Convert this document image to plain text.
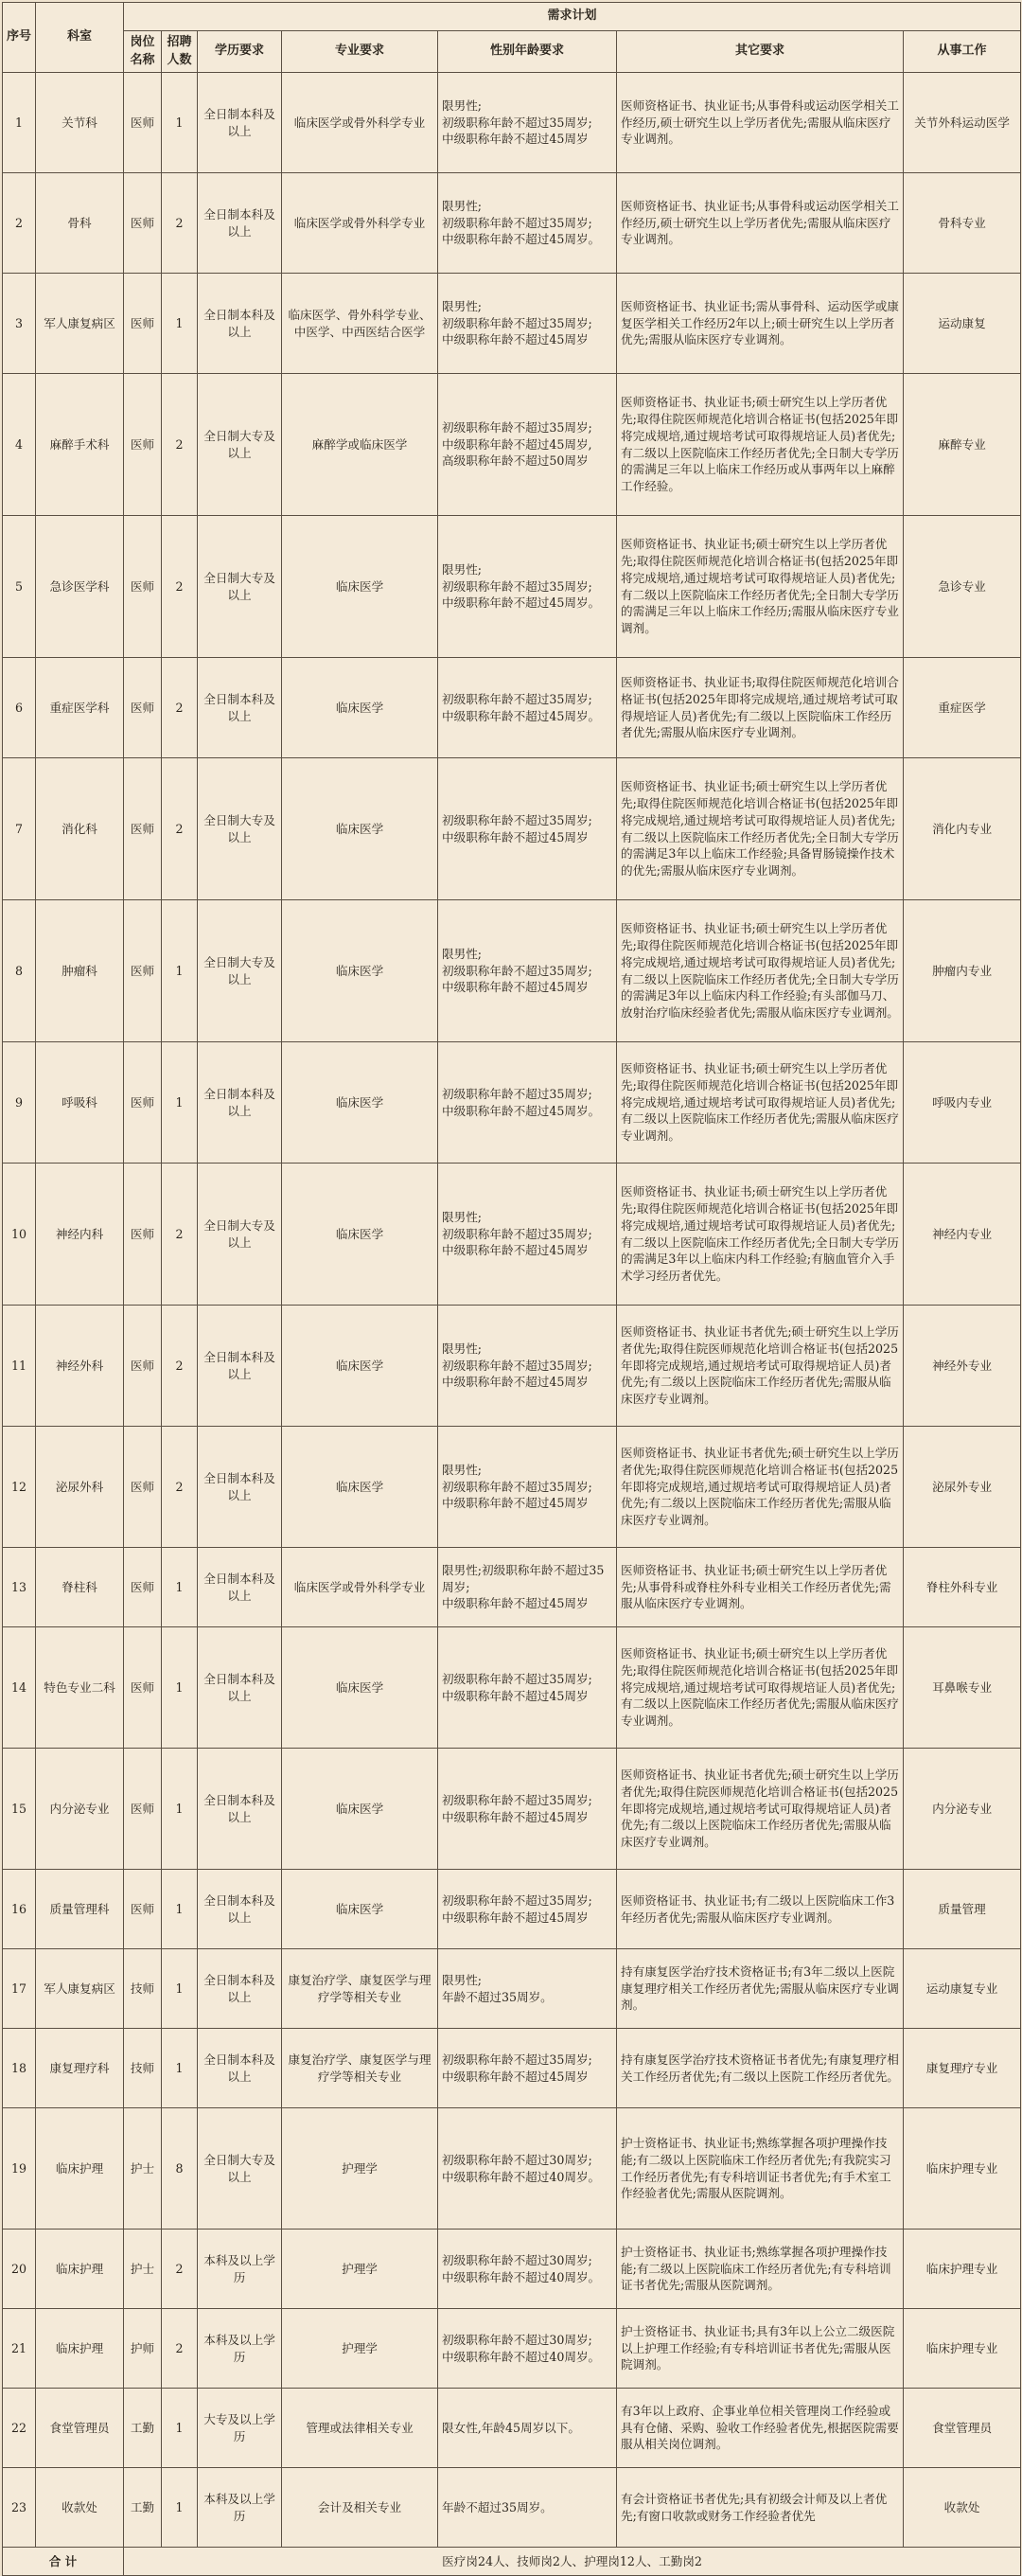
序号	科室	需求计划						
		岗位名称	招聘人数	学历要求	专业要求	性别年龄要求	其它要求	从事工作
1	关节科	医师	1	全日制本科及以上	临床医学或骨外科学专业	限男性;
初级职称年龄不超过35周岁;
中级职称年龄不超过45周岁	医师资格证书、执业证书;从事骨科或运动医学相关工作经历,硕士研究生以上学历者优先;需服从临床医疗专业调剂。	关节外科运动医学
2	骨科	医师	2	全日制本科及以上	临床医学或骨外科学专业	限男性;
初级职称年龄不超过35周岁;
中级职称年龄不超过45周岁。	医师资格证书、执业证书;从事骨科或运动医学相关工作经历,硕士研究生以上学历者优先;需服从临床医疗专业调剂。	骨科专业
3	军人康复病区	医师	1	全日制本科及以上	临床医学、骨外科学专业、中医学、中西医结合医学	限男性;
初级职称年龄不超过35周岁;
中级职称年龄不超过45周岁	医师资格证书、执业证书;需从事骨科、运动医学或康复医学相关工作经历2年以上;硕士研究生以上学历者优先;需服从临床医疗专业调剂。	运动康复
4	麻醉手术科	医师	2	全日制大专及以上	麻醉学或临床医学	初级职称年龄不超过35周岁;
中级职称年龄不超过45周岁,
高级职称年龄不超过50周岁	医师资格证书、执业证书;硕士研究生以上学历者优先;取得住院医师规范化培训合格证书(包括2025年即将完成规培,通过规培考试可取得规培证人员)者优先;有二级以上医院临床工作经历者优先;全日制大专学历的需满足三年以上临床工作经历或从事两年以上麻醉工作经验。	麻醉专业
5	急诊医学科	医师	2	全日制大专及以上	临床医学	限男性;
初级职称年龄不超过35周岁;
中级职称年龄不超过45周岁。	医师资格证书、执业证书;硕士研究生以上学历者优先;取得住院医师规范化培训合格证书(包括2025年即将完成规培,通过规培考试可取得规培证人员)者优先;有二级以上医院临床工作经历者优先;全日制大专学历的需满足三年以上临床工作经历;需服从临床医疗专业调剂。	急诊专业
6	重症医学科	医师	2	全日制本科及以上	临床医学	初级职称年龄不超过35周岁;
中级职称年龄不超过45周岁。	医师资格证书、执业证书;取得住院医师规范化培训合格证书(包括2025年即将完成规培,通过规培考试可取得规培证人员)者优先;有二级以上医院临床工作经历者优先;需服从临床医疗专业调剂。	重症医学
7	消化科	医师	2	全日制大专及以上	临床医学	初级职称年龄不超过35周岁;
中级职称年龄不超过45周岁	医师资格证书、执业证书;硕士研究生以上学历者优先;取得住院医师规范化培训合格证书(包括2025年即将完成规培,通过规培考试可取得规培证人员)者优先;有二级以上医院临床工作经历者优先;全日制大专学历的需满足3年以上临床工作经验;具备胃肠镜操作技术的优先;需服从临床医疗专业调剂。	消化内专业
8	肿瘤科	医师	1	全日制大专及以上	临床医学	限男性;
初级职称年龄不超过35周岁;
中级职称年龄不超过45周岁	医师资格证书、执业证书;硕士研究生以上学历者优先;取得住院医师规范化培训合格证书(包括2025年即将完成规培,通过规培考试可取得规培证人员)者优先;有二级以上医院临床工作经历者优先;全日制大专学历的需满足3年以上临床内科工作经验;有头部伽马刀、放射治疗临床经验者优先;需服从临床医疗专业调剂。	肿瘤内专业
9	呼吸科	医师	1	全日制本科及以上	临床医学	初级职称年龄不超过35周岁;
中级职称年龄不超过45周岁。	医师资格证书、执业证书;硕士研究生以上学历者优先;取得住院医师规范化培训合格证书(包括2025年即将完成规培,通过规培考试可取得规培证人员)者优先;有二级以上医院临床工作经历者优先;需服从临床医疗专业调剂。	呼吸内专业
10	神经内科	医师	2	全日制大专及以上	临床医学	限男性;
初级职称年龄不超过35周岁;
中级职称年龄不超过45周岁	医师资格证书、执业证书;硕士研究生以上学历者优先;取得住院医师规范化培训合格证书(包括2025年即将完成规培,通过规培考试可取得规培证人员)者优先;有二级以上医院临床工作经历者优先;全日制大专学历的需满足3年以上临床内科工作经验;有脑血管介入手术学习经历者优先。	神经内专业
11	神经外科	医师	2	全日制本科及以上	临床医学	限男性;
初级职称年龄不超过35周岁;
中级职称年龄不超过45周岁	医师资格证书、执业证书者优先;硕士研究生以上学历者优先;取得住院医师规范化培训合格证书(包括2025年即将完成规培,通过规培考试可取得规培证人员)者优先;有二级以上医院临床工作经历者优先;需服从临床医疗专业调剂。	神经外专业
12	泌尿外科	医师	2	全日制本科及以上	临床医学	限男性;
初级职称年龄不超过35周岁;
中级职称年龄不超过45周岁	医师资格证书、执业证书者优先;硕士研究生以上学历者优先;取得住院医师规范化培训合格证书(包括2025年即将完成规培,通过规培考试可取得规培证人员)者优先;有二级以上医院临床工作经历者优先;需服从临床医疗专业调剂。	泌尿外专业
13	脊柱科	医师	1	全日制本科及以上	临床医学或骨外科学专业	限男性;初级职称年龄不超过35周岁;
中级职称年龄不超过45周岁	医师资格证书、执业证书;硕士研究生以上学历者优先;从事骨科或脊柱外科专业相关工作经历者优先;需服从临床医疗专业调剂。	脊柱外科专业
14	特色专业二科	医师	1	全日制本科及以上	临床医学	初级职称年龄不超过35周岁;
中级职称年龄不超过45周岁	医师资格证书、执业证书;硕士研究生以上学历者优先;取得住院医师规范化培训合格证书(包括2025年即将完成规培,通过规培考试可取得规培证人员)者优先;有二级以上医院临床工作经历者优先;需服从临床医疗专业调剂。	耳鼻喉专业
15	内分泌专业	医师	1	全日制本科及以上	临床医学	初级职称年龄不超过35周岁;
中级职称年龄不超过45周岁	医师资格证书、执业证书者优先;硕士研究生以上学历者优先;取得住院医师规范化培训合格证书(包括2025年即将完成规培,通过规培考试可取得规培证人员)者优先;有二级以上医院临床工作经历者优先;需服从临床医疗专业调剂。	内分泌专业
16	质量管理科	医师	1	全日制本科及以上	临床医学	初级职称年龄不超过35周岁;
中级职称年龄不超过45周岁	医师资格证书、执业证书;有二级以上医院临床工作3年经历者优先;需服从临床医疗专业调剂。	质量管理
17	军人康复病区	技师	1	全日制本科及以上	康复治疗学、康复医学与理疗学等相关专业	限男性;
年龄不超过35周岁。	持有康复医学治疗技术资格证书;有3年二级以上医院康复理疗相关工作经历者优先;需服从临床医疗专业调剂。	运动康复专业
18	康复理疗科	技师	1	全日制本科及以上	康复治疗学、康复医学与理疗学等相关专业	初级职称年龄不超过35周岁;
中级职称年龄不超过45周岁	持有康复医学治疗技术资格证书者优先;有康复理疗相关工作经历者优先;有二级以上医院工作经历者优先。	康复理疗专业
19	临床护理	护士	8	全日制大专及以上	护理学	初级职称年龄不超过30周岁;
中级职称年龄不超过40周岁。	护士资格证书、执业证书;熟练掌握各项护理操作技能;有二级以上医院临床工作经历者优先;有我院实习工作经历者优先;有专科培训证书者优先;有手术室工作经验者优先;需服从医院调剂。	临床护理专业
20	临床护理	护士	2	本科及以上学历	护理学	初级职称年龄不超过30周岁;
中级职称年龄不超过40周岁。	护士资格证书、执业证书;熟练掌握各项护理操作技能;有二级以上医院临床工作经历者优先;有专科培训证书者优先;需服从医院调剂。	临床护理专业
21	临床护理	护师	2	本科及以上学历	护理学	初级职称年龄不超过30周岁;
中级职称年龄不超过40周岁。	护士资格证书、执业证书;具有3年以上公立二级医院以上护理工作经验;有专科培训证书者优先;需服从医院调剂。	临床护理专业
22	食堂管理员	工勤	1	大专及以上学历	管理或法律相关专业	限女性,年龄45周岁以下。	有3年以上政府、企事业单位相关管理岗工作经验或具有仓储、采购、验收工作经验者优先,根据医院需要服从相关岗位调剂。	食堂管理员
23	收款处	工勤	1	本科及以上学历	会计及相关专业	年龄不超过35周岁。	有会计资格证书者优先;具有初级会计师及以上者优先;有窗口收款或财务工作经验者优先	收款处
合 计		医疗岗24人、技师岗2人、护理岗12人、工勤岗2						
